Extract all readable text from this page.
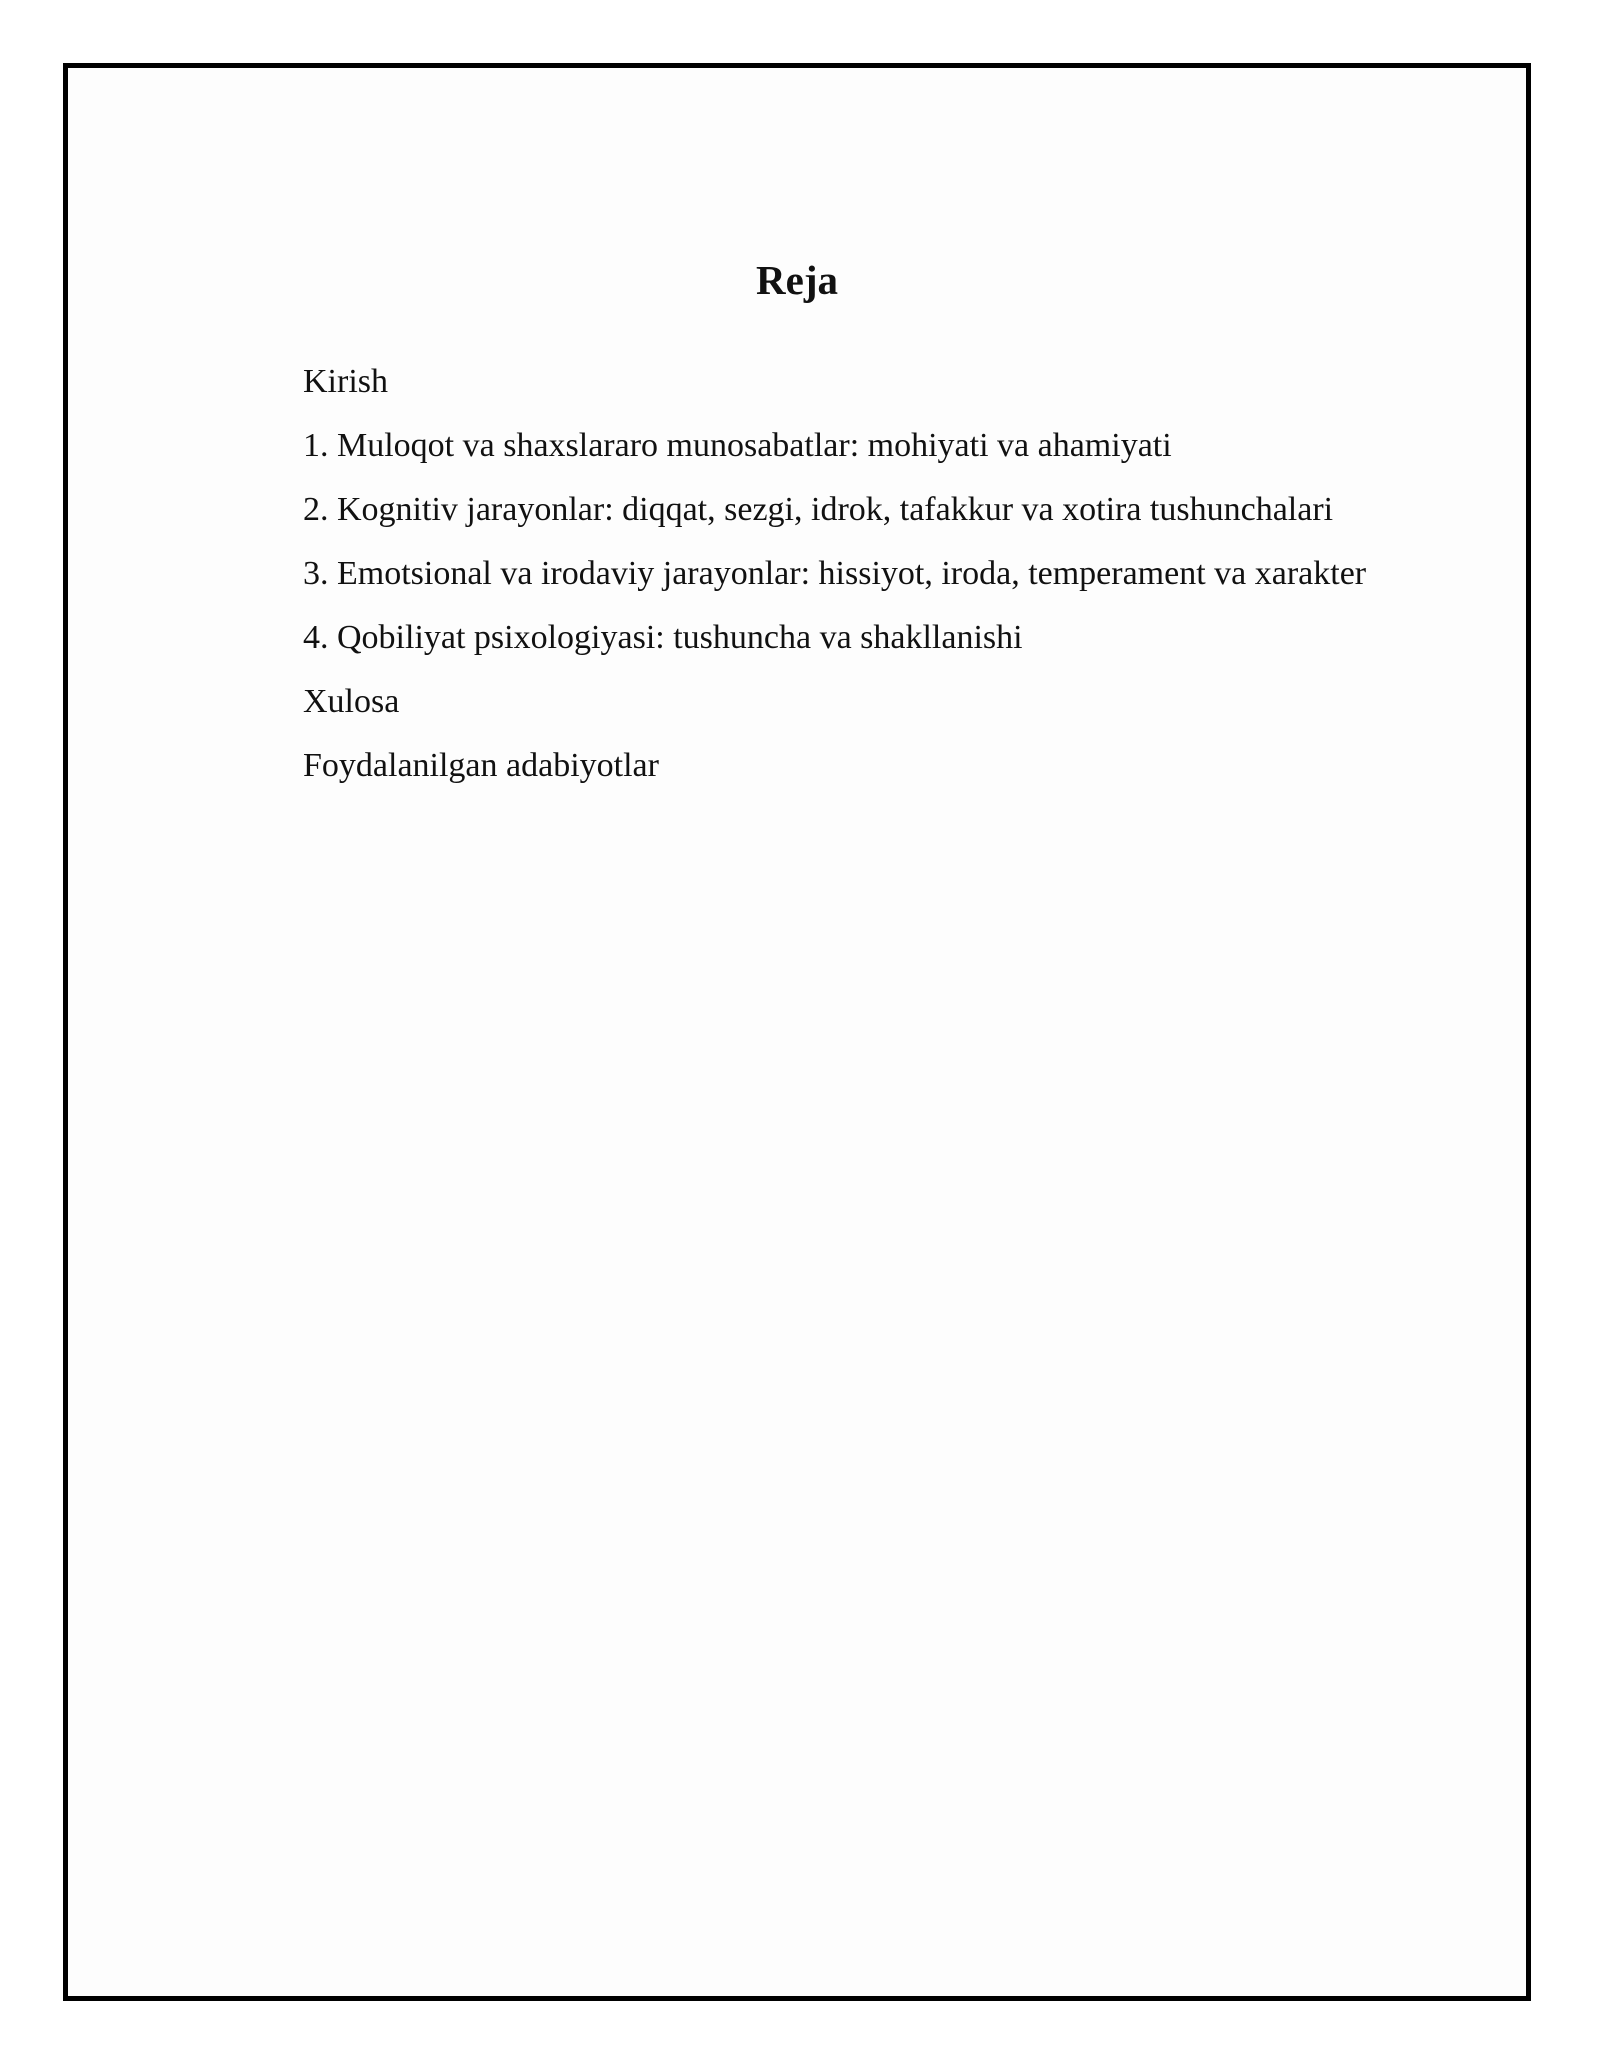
Reja
Kirish
1. Muloqot va shaxslararo munosabatlar: mohiyati va ahamiyati
2. Kognitiv jarayonlar: diqqat, sezgi, idrok, tafakkur va xotira tushunchalari
3. Emotsional va irodaviy jarayonlar: hissiyot, iroda, temperament va xarakter
4. Qobiliyat psixologiyasi: tushuncha va shakllanishi
Xulosa
Foydalanilgan adabiyotlar
